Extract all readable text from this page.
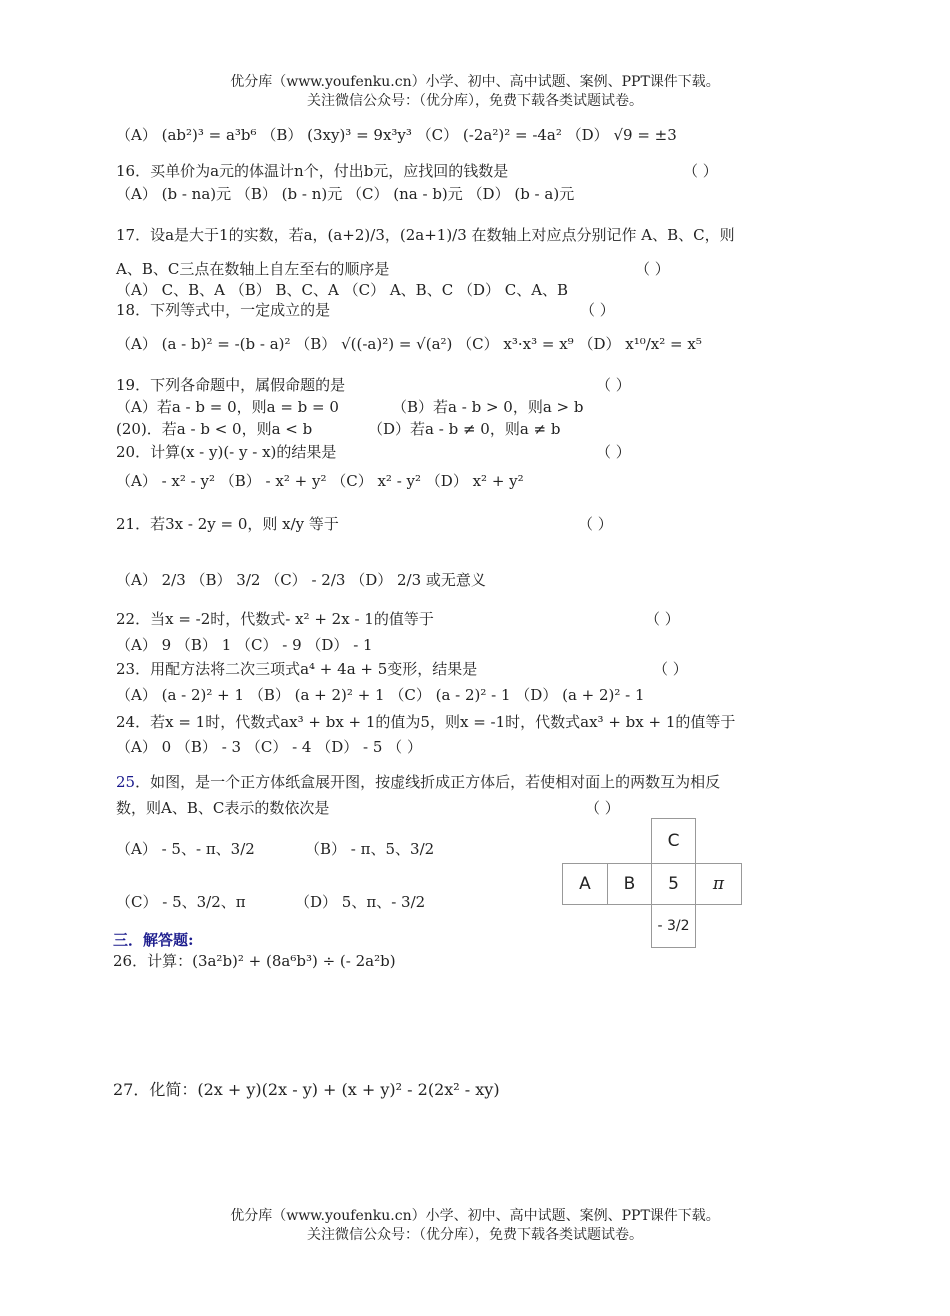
优分库（www.youfenku.cn）小学、初中、高中试题、案例、PPT课件下载。
关注微信公众号：（优分库），免费下载各类试题试卷。
（A） (ab²)³ = a³b⁶ （B） (3xy)³ = 9x³y³ （C） (-2a²)² = -4a² （D） √9 = ±3
16．买单价为a元的体温计n个，付出b元，应找回的钱数是	（ ）
（A） (b - na)元 （B） (b - n)元 （C） (na - b)元 （D） (b - a)元
17．设a是大于1的实数，若a，(a+2)/3，(2a+1)/3 在数轴上对应点分别记作 A、B、C，则
A、B、C三点在数轴上自左至右的顺序是	（ ）
（A） C、B、A （B） B、C、A （C） A、B、C （D） C、A、B
18．下列等式中，一定成立的是	（ ）
（A） (a - b)² = -(b - a)² （B） √((-a)²) = √(a²) （C） x³·x³ = x⁹ （D） x¹⁰/x² = x⁵
19．下列各命题中，属假命题的是	（ ）
（A）若a - b = 0，则a = b = 0	（B）若a - b > 0，则a > b
(20)．若a - b < 0，则a < b	（D）若a - b ≠ 0，则a ≠ b
20．计算(x - y)(- y - x)的结果是	（ ）
（A） - x² - y² （B） - x² + y² （C） x² - y² （D） x² + y²
21．若3x - 2y = 0，则 x/y 等于	（ ）
（A） 2/3 （B） 3/2 （C） - 2/3 （D） 2/3 或无意义
22．当x = -2时，代数式- x² + 2x - 1的值等于	（ ）
（A） 9 （B） 1 （C） - 9 （D） - 1
23．用配方法将二次三项式a⁴ + 4a + 5变形，结果是	（ ）
（A） (a - 2)² + 1 （B） (a + 2)² + 1 （C） (a - 2)² - 1 （D） (a + 2)² - 1
24．若x = 1时，代数式ax³ + bx + 1的值为5，则x = -1时，代数式ax³ + bx + 1的值等于
（A） 0 （B） - 3 （C） - 4 （D） - 5 （ ）
25．如图，是一个正方体纸盒展开图，按虚线折成正方体后，若使相对面上的两数互为相反
数，则A、B、C表示的数依次是	（ ）
（A） - 5、- π、3/2	（B） - π、5、3/2
（C） - 5、3/2、π	（D） 5、π、- 3/2
C
A	B	5	π
- 3/2
三．解答题:
26．计算：(3a²b)² + (8a⁶b³) ÷ (- 2a²b)
27．化简：(2x + y)(2x - y) + (x + y)² - 2(2x² - xy)
优分库（www.youfenku.cn）小学、初中、高中试题、案例、PPT课件下载。
关注微信公众号：（优分库），免费下载各类试题试卷。
